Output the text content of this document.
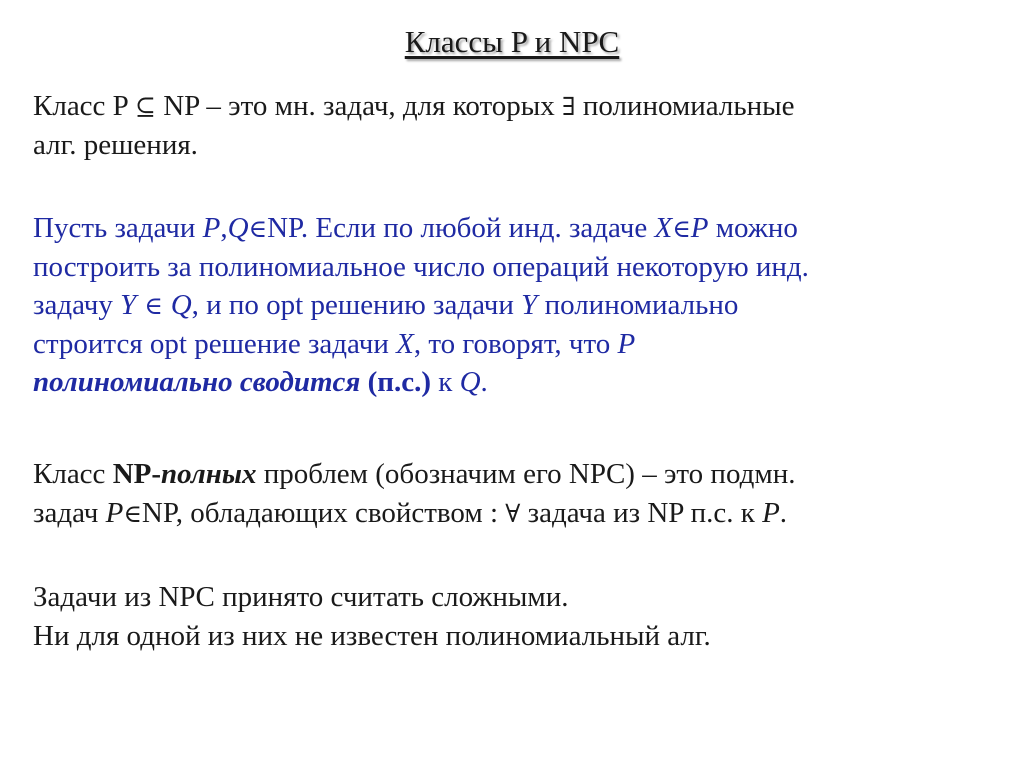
Классы P и NPC
Класс P ⊆ NP – это мн. задач, для которых ∃ полиномиальные
алг. решения.
Пусть задачи P,Q∈NP. Если по любой инд. задаче X∈P можно
построить за полиномиальное число операций некоторую инд.
задачу Y ∈ Q, и по opt решению задачи Y полиномиально
строится opt решение задачи X, то говорят, что P
полиномиально сводится (п.с.) к Q.
Класс NP-полных проблем (обозначим его NPC) – это подмн.
задач P∈NP, обладающих свойством : ∀ задача из NP п.с. к P.
Задачи из NPC принято считать сложными.
Ни для одной из них не известен полиномиальный алг.
